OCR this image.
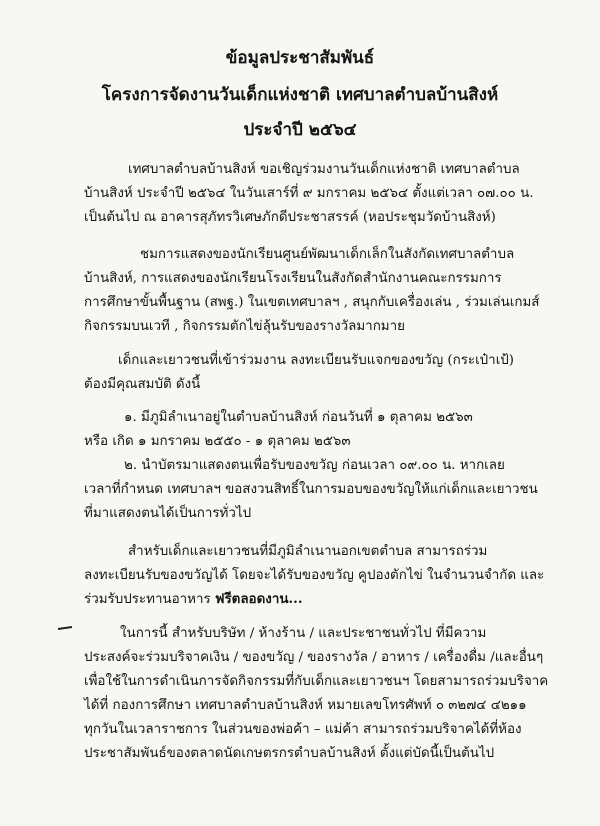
ข้อมูลประชาสัมพันธ์
โครงการจัดงานวันเด็กแห่งชาติ เทศบาลตำบลบ้านสิงห์
ประจำปี ๒๕๖๔
เทศบาลตำบลบ้านสิงห์ ขอเชิญร่วมงานวันเด็กแห่งชาติ เทศบาลตำบล
บ้านสิงห์ ประจำปี ๒๕๖๔ ในวันเสาร์ที่ ๙ มกราคม ๒๕๖๔ ตั้งแต่เวลา ๐๗.๐๐ น.
เป็นต้นไป ณ อาคารสุภัทรวิเศษภักดีประชาสรรค์ (หอประชุมวัดบ้านสิงห์)
ชมการแสดงของนักเรียนศูนย์พัฒนาเด็กเล็กในสังกัดเทศบาลตำบล
บ้านสิงห์, การแสดงของนักเรียนโรงเรียนในสังกัดสำนักงานคณะกรรมการ
การศึกษาขั้นพื้นฐาน (สพฐ.) ในเขตเทศบาลฯ , สนุกกับเครื่องเล่น , ร่วมเล่นเกมส์
กิจกรรมบนเวที , กิจกรรมตักไข่ลุ้นรับของรางวัลมากมาย
เด็กและเยาวชนที่เข้าร่วมงาน ลงทะเบียนรับแจกของขวัญ (กระเป๋าเป้)
ต้องมีคุณสมบัติ ดังนี้
๑. มีภูมิลำเนาอยู่ในตำบลบ้านสิงห์ ก่อนวันที่ ๑ ตุลาคม ๒๕๖๓
หรือ เกิด ๑ มกราคม ๒๕๕๐ - ๑ ตุลาคม ๒๕๖๓
๒. นำบัตรมาแสดงตนเพื่อรับของขวัญ ก่อนเวลา ๐๙.๐๐ น. หากเลย
เวลาที่กำหนด เทศบาลฯ ขอสงวนสิทธิ์ในการมอบของขวัญให้แก่เด็กและเยาวชน
ที่มาแสดงตนได้เป็นการทั่วไป
สำหรับเด็กและเยาวชนที่มีภูมิลำเนานอกเขตตำบล สามารถร่วม
ลงทะเบียนรับของขวัญได้ โดยจะได้รับของขวัญ คูปองตักไข่ ในจำนวนจำกัด และ
ร่วมรับประทานอาหาร ฟรีตลอดงาน...
ในการนี้ สำหรับบริษัท / ห้างร้าน / และประชาชนทั่วไป ที่มีความ
ประสงค์จะร่วมบริจาคเงิน / ของขวัญ / ของรางวัล / อาหาร / เครื่องดื่ม /และอื่นๆ
เพื่อใช้ในการดำเนินการจัดกิจกรรมที่กับเด็กและเยาวชนฯ โดยสามารถร่วมบริจาค
ได้ที่ กองการศึกษา เทศบาลตำบลบ้านสิงห์ หมายเลขโทรศัพท์ ๐ ๓๒๗๔ ๔๒๑๑
ทุกวันในเวลาราชการ ในส่วนของพ่อค้า – แม่ค้า สามารถร่วมบริจาคได้ที่ห้อง
ประชาสัมพันธ์ของตลาดนัดเกษตรกรตำบลบ้านสิงห์ ตั้งแต่บัดนี้เป็นต้นไป
